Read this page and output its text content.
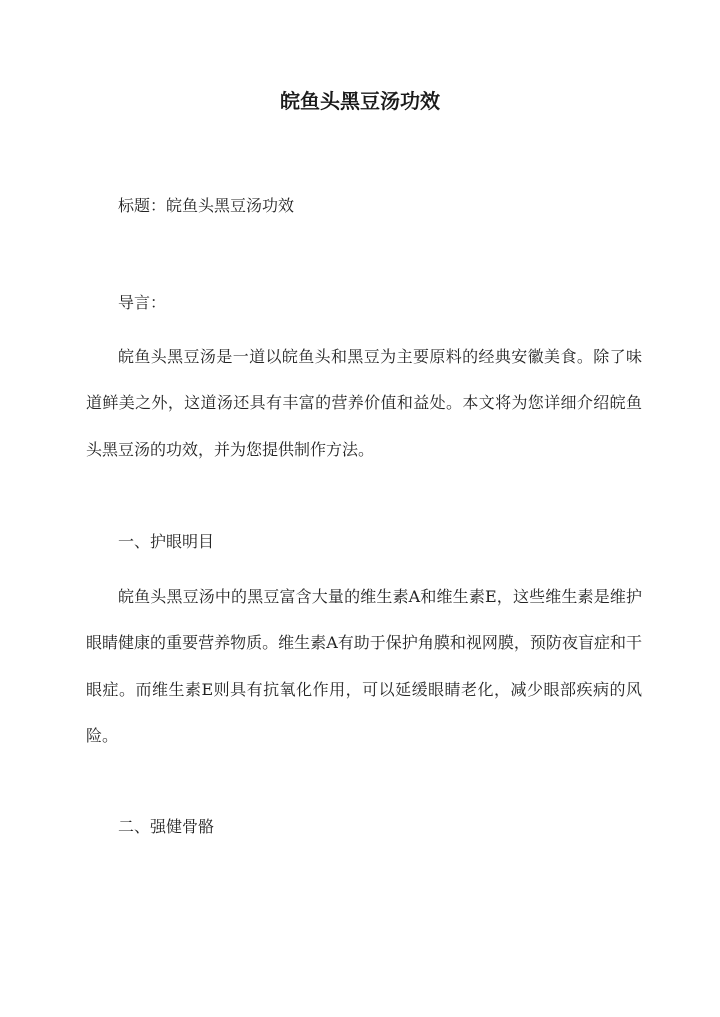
皖鱼头黑豆汤功效

标题：皖鱼头黑豆汤功效

导言：

皖鱼头黑豆汤是一道以皖鱼头和黑豆为主要原料的经典安徽美食。除了味道鲜美之外，这道汤还具有丰富的营养价值和益处。本文将为您详细介绍皖鱼头黑豆汤的功效，并为您提供制作方法。

一、护眼明目

皖鱼头黑豆汤中的黑豆富含大量的维生素A和维生素E，这些维生素是维护眼睛健康的重要营养物质。维生素A有助于保护角膜和视网膜，预防夜盲症和干眼症。而维生素E则具有抗氧化作用，可以延缓眼睛老化，减少眼部疾病的风险。

二、强健骨骼
